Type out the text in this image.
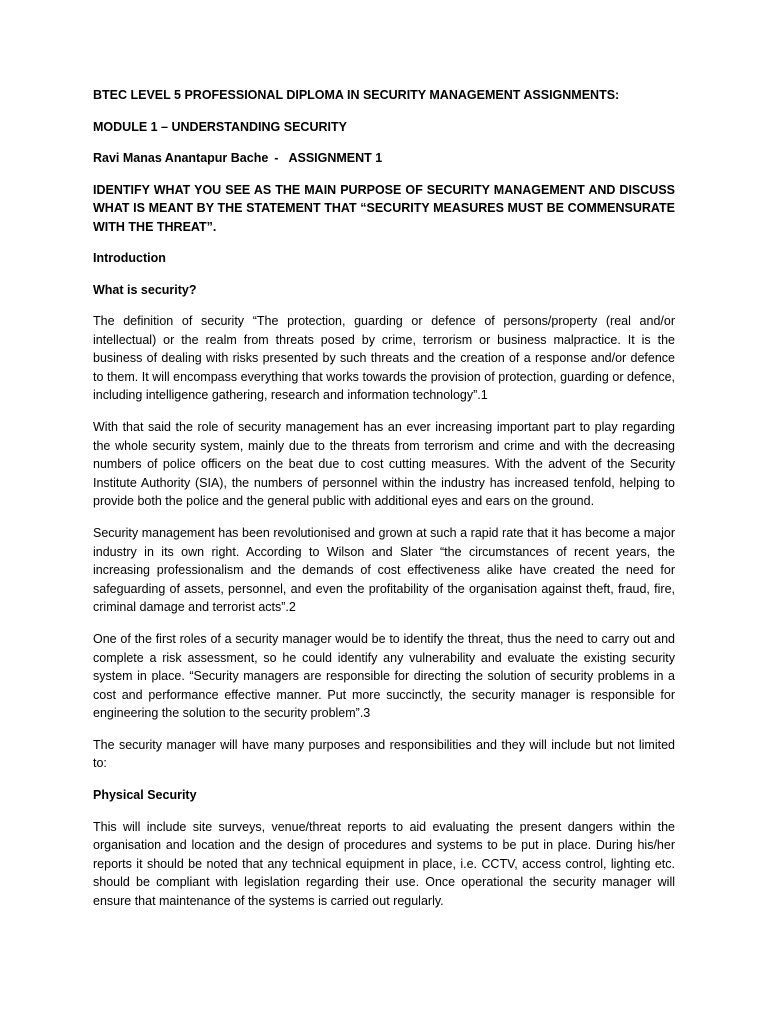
BTEC LEVEL 5 PROFESSIONAL DIPLOMA IN SECURITY MANAGEMENT ASSIGNMENTS:

MODULE 1 – UNDERSTANDING SECURITY

Ravi Manas Anantapur Bache - ASSIGNMENT 1

IDENTIFY WHAT YOU SEE AS THE MAIN PURPOSE OF SECURITY MANAGEMENT AND DISCUSS WHAT IS MEANT BY THE STATEMENT THAT “SECURITY MEASURES MUST BE COMMENSURATE WITH THE THREAT”.

Introduction

What is security?

The definition of security “The protection, guarding or defence of persons/property (real and/or intellectual) or the realm from threats posed by crime, terrorism or business malpractice. It is the business of dealing with risks presented by such threats and the creation of a response and/or defence to them. It will encompass everything that works towards the provision of protection, guarding or defence, including intelligence gathering, research and information technology”.1

With that said the role of security management has an ever increasing important part to play regarding the whole security system, mainly due to the threats from terrorism and crime and with the decreasing numbers of police officers on the beat due to cost cutting measures. With the advent of the Security Institute Authority (SIA), the numbers of personnel within the industry has increased tenfold, helping to provide both the police and the general public with additional eyes and ears on the ground.

Security management has been revolutionised and grown at such a rapid rate that it has become a major industry in its own right. According to Wilson and Slater “the circumstances of recent years, the increasing professionalism and the demands of cost effectiveness alike have created the need for safeguarding of assets, personnel, and even the profitability of the organisation against theft, fraud, fire, criminal damage and terrorist acts”.2

One of the first roles of a security manager would be to identify the threat, thus the need to carry out and complete a risk assessment, so he could identify any vulnerability and evaluate the existing security system in place. “Security managers are responsible for directing the solution of security problems in a cost and performance effective manner. Put more succinctly, the security manager is responsible for engineering the solution to the security problem”.3

The security manager will have many purposes and responsibilities and they will include but not limited to:

Physical Security

This will include site surveys, venue/threat reports to aid evaluating the present dangers within the organisation and location and the design of procedures and systems to be put in place. During his/her reports it should be noted that any technical equipment in place, i.e. CCTV, access control, lighting etc. should be compliant with legislation regarding their use. Once operational the security manager will ensure that maintenance of the systems is carried out regularly.
